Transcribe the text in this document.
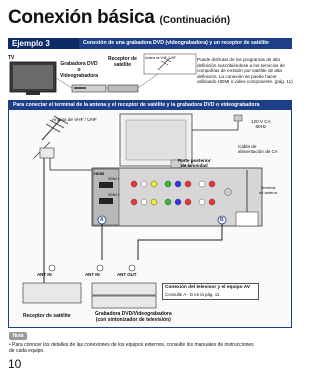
Conexión básica (Continuación)
Ejemplo 3	Conexión de una grabadora DVD (videograbadora) y un receptor de satélite
TV
Grabadora DVD
o
Videograbadora
Receptor de
satélite
Antena de VHF / UHF	Puede disfrutar de los programas de alta definición suscribiéndose a los servicios de compañías de emisión por satélite de alta definición. La conexión se puede hacer utilizando HDMI o video componente. (pág. 11)
Para conectar el terminal de la antena y el receptor de satélite y la grabadora DVD o videograbadora
Antena de VHF / UHF
Parte posterior
de la unidad
120 V CA
60Hz
Cable de
alimentación de CA
Terminal
de antena
HDMI
HDMI 1
HDMI 2
A	B
ANT IN	ANT IN	ANT OUT
Conexión del televisor y el equipo AV
Consulte A - D en la pág. 11.
Receptor de satélite	Grabadora DVD/Videograbadora
(con sintonizador de televisión)
Nota
• Para conocer los detalles de las conexiones de los equipos externos, consulte los manuales de instrucciones de cada equipo.
10
